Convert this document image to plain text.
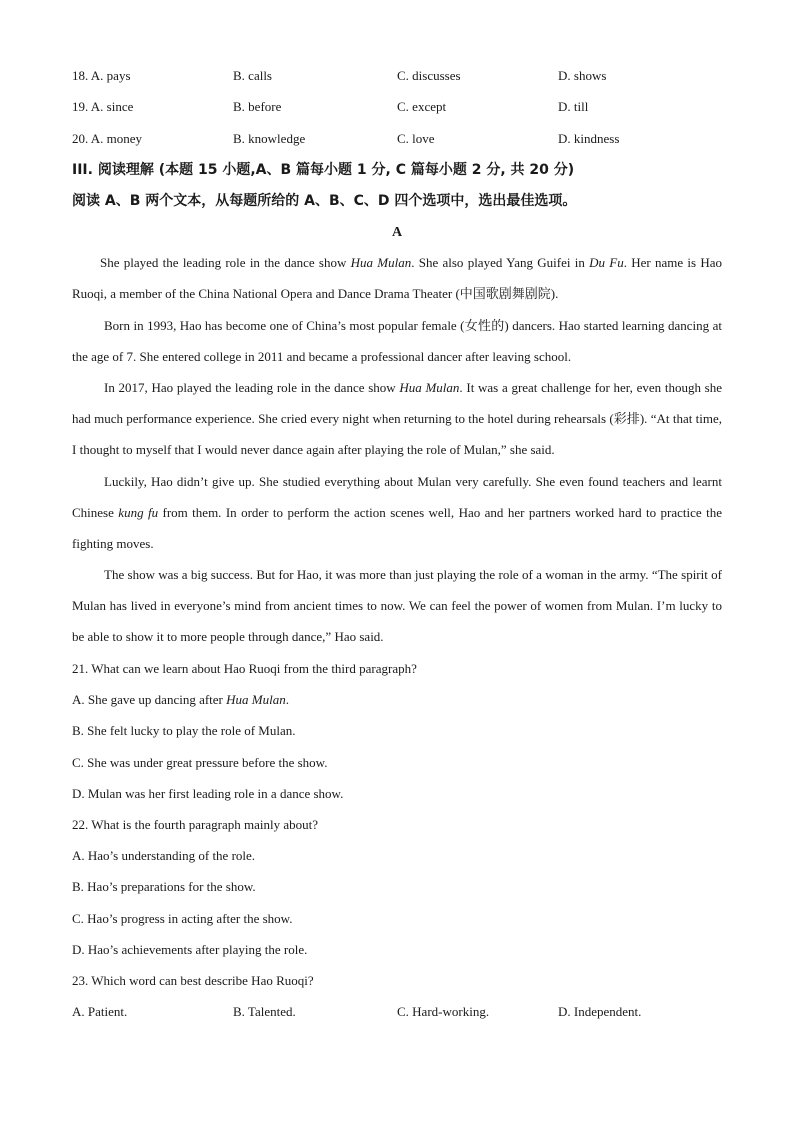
18. A. pays	B. calls	C. discusses	D. shows
19. A. since	B. before	C. except	D. till
20. A. money	B. knowledge	C. love	D. kindness
III. 阅读理解 (本题 15 小题,A、B 篇每小题 1 分, C 篇每小题 2 分, 共 20 分)
阅读 A、B 两个文本，从每题所给的 A、B、C、D 四个选项中，选出最佳选项。
A
She played the leading role in the dance show Hua Mulan. She also played Yang Guifei in Du Fu. Her name is Hao Ruoqi, a member of the China National Opera and Dance Drama Theater (中国歌剧舞剧院).
Born in 1993, Hao has become one of China’s most popular female (女性的) dancers. Hao started learning dancing at the age of 7. She entered college in 2011 and became a professional dancer after leaving school.
In 2017, Hao played the leading role in the dance show Hua Mulan. It was a great challenge for her, even though she had much performance experience. She cried every night when returning to the hotel during rehearsals (彩排). “At that time, I thought to myself that I would never dance again after playing the role of Mulan,” she said.
Luckily, Hao didn’t give up. She studied everything about Mulan very carefully. She even found teachers and learnt Chinese kung fu from them. In order to perform the action scenes well, Hao and her partners worked hard to practice the fighting moves.
The show was a big success. But for Hao, it was more than just playing the role of a woman in the army. “The spirit of Mulan has lived in everyone’s mind from ancient times to now. We can feel the power of women from Mulan. I’m lucky to be able to show it to more people through dance,” Hao said.
21. What can we learn about Hao Ruoqi from the third paragraph?
A. She gave up dancing after Hua Mulan.
B. She felt lucky to play the role of Mulan.
C. She was under great pressure before the show.
D. Mulan was her first leading role in a dance show.
22. What is the fourth paragraph mainly about?
A. Hao’s understanding of the role.
B. Hao’s preparations for the show.
C. Hao’s progress in acting after the show.
D. Hao’s achievements after playing the role.
23. Which word can best describe Hao Ruoqi?
A. Patient.	B. Talented.	C. Hard-working.	D. Independent.
